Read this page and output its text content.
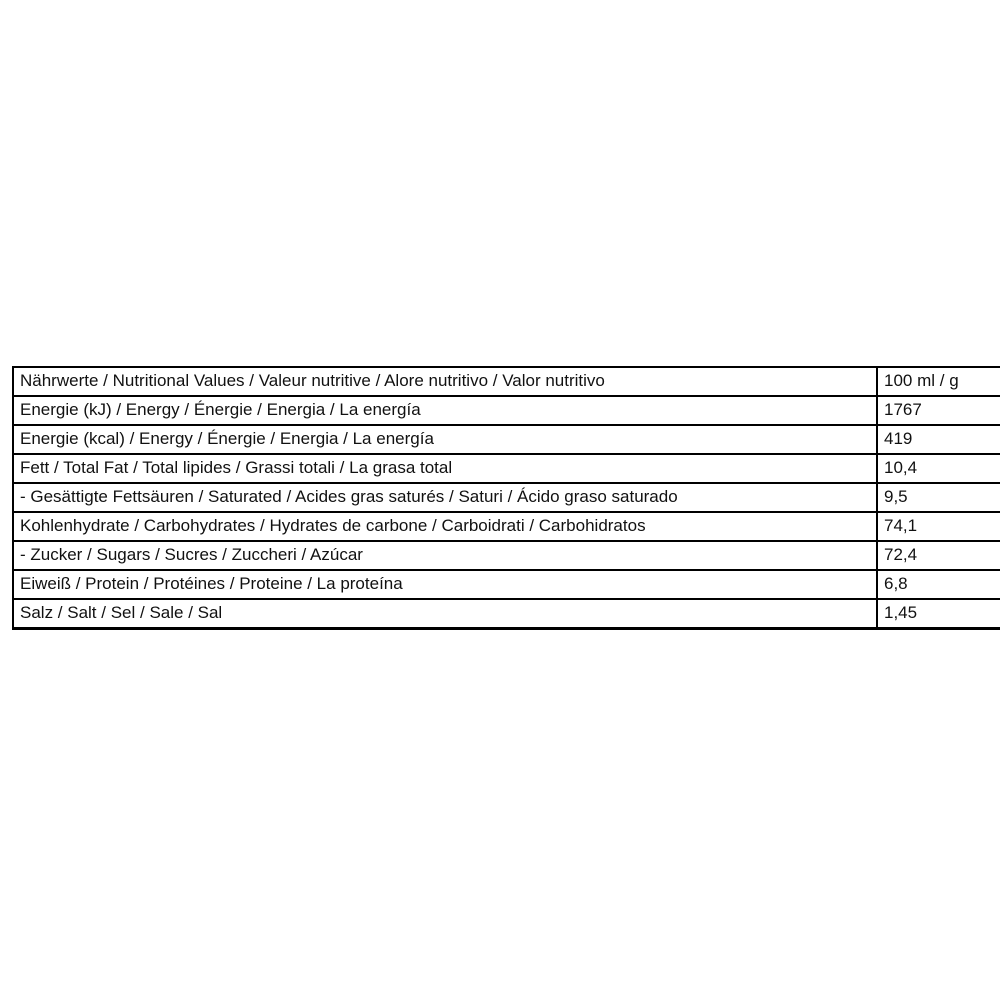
Nährwerte / Nutritional Values / Valeur nutritive / Alore nutritivo / Valor nutritivo	100 ml / g
Energie (kJ) / Energy / Énergie / Energia / La energía	1767
Energie (kcal) / Energy / Énergie / Energia / La energía	419
Fett / Total Fat / Total lipides / Grassi totali / La grasa total	10,4
- Gesättigte Fettsäuren / Saturated / Acides gras saturés / Saturi / Ácido graso saturado	9,5
Kohlenhydrate / Carbohydrates / Hydrates de carbone / Carboidrati / Carbohidratos	74,1
- Zucker / Sugars / Sucres / Zuccheri / Azúcar	72,4
Eiweiß / Protein / Protéines / Proteine / La proteína	6,8
Salz / Salt / Sel / Sale / Sal	1,45
